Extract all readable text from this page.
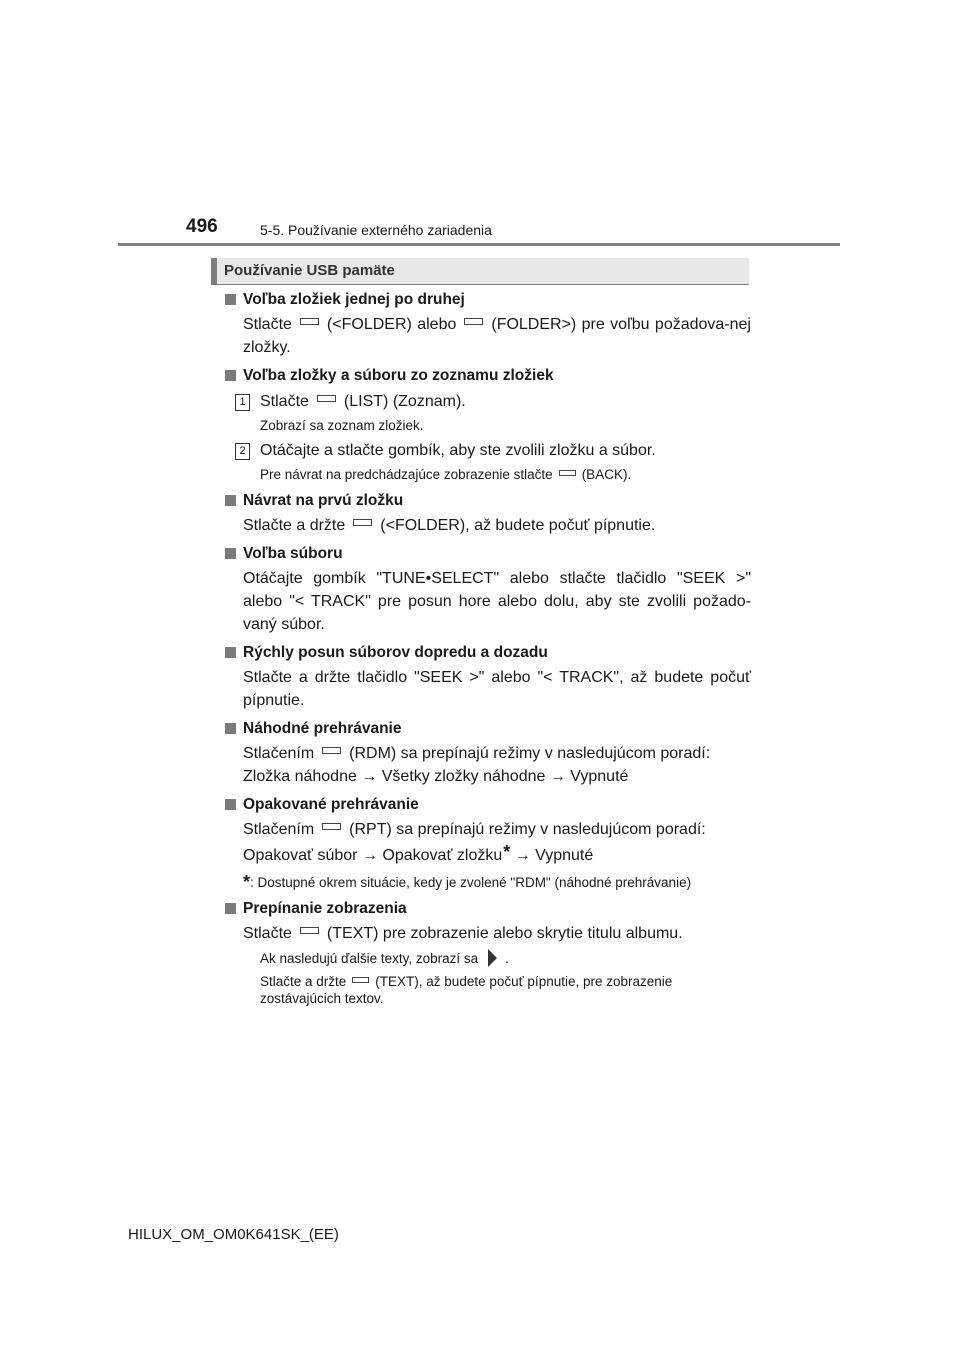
496	5-5. Používanie externého zariadenia
Používanie USB pamäte
Voľba zložiek jednej po druhej
Stlačte (<FOLDER) alebo (FOLDER>) pre voľbu požadova-nej zložky.
Voľba zložky a súboru zo zoznamu zložiek
1 Stlačte (LIST) (Zoznam).
Zobrazí sa zoznam zložiek.
2 Otáčajte a stlačte gombík, aby ste zvolili zložku a súbor.
Pre návrat na predchádzajúce zobrazenie stlačte (BACK).
Návrat na prvú zložku
Stlačte a držte (<FOLDER), až budete počuť pípnutie.
Voľba súboru
Otáčajte gombík "TUNE•SELECT" alebo stlačte tlačidlo "SEEK >" alebo "< TRACK" pre posun hore alebo dolu, aby ste zvolili požado-vaný súbor.
Rýchly posun súborov dopredu a dozadu
Stlačte a držte tlačidlo "SEEK >" alebo "< TRACK", až budete počuť pípnutie.
Náhodné prehrávanie
Stlačením (RDM) sa prepínajú režimy v nasledujúcom poradí:
Zložka náhodne → Všetky zložky náhodne → Vypnuté
Opakované prehrávanie
Stlačením (RPT) sa prepínajú režimy v nasledujúcom poradí:
Opakovať súbor → Opakovať zložku* → Vypnuté
*: Dostupné okrem situácie, kedy je zvolené "RDM" (náhodné prehrávanie)
Prepínanie zobrazenia
Stlačte (TEXT) pre zobrazenie alebo skrytie titulu albumu.
Ak nasledujú ďalšie texty, zobrazí sa .
Stlačte a držte (TEXT), až budete počuť pípnutie, pre zobrazenie zostávajúcich textov.
HILUX_OM_OM0K641SK_(EE)
